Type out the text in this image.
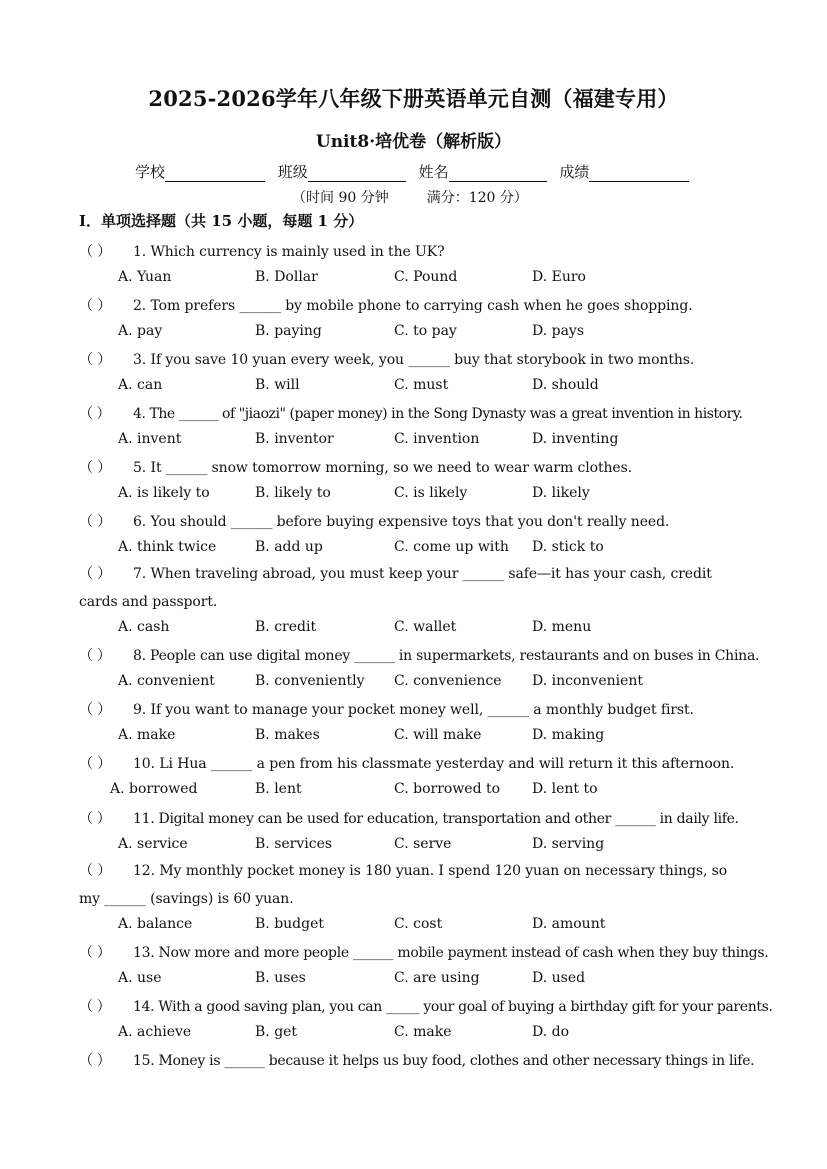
2025-2026学年八年级下册英语单元自测（福建专用）
Unit8·培优卷（解析版）
学校	班级	姓名	成绩
（时间 90 分钟	满分：120 分）
I．单项选择题（共 15 小题，每题 1 分）
（ ） 1. Which currency is mainly used in the UK?
A. Yuan	B. Dollar	C. Pound	D. Euro
（ ） 2. Tom prefers ______ by mobile phone to carrying cash when he goes shopping.
A. pay	B. paying	C. to pay	D. pays
（ ） 3. If you save 10 yuan every week, you ______ buy that storybook in two months.
A. can	B. will	C. must	D. should
（ ） 4. The ______ of "jiaozi" (paper money) in the Song Dynasty was a great invention in history.
A. invent	B. inventor	C. invention	D. inventing
（ ） 5. It ______ snow tomorrow morning, so we need to wear warm clothes.
A. is likely to	B. likely to	C. is likely	D. likely
（ ） 6. You should ______ before buying expensive toys that you don't really need.
A. think twice	B. add up	C. come up with D. stick to
（ ） 7. When traveling abroad, you must keep your ______ safe—it has your cash, credit cards and passport.
A. cash	B. credit	C. wallet	D. menu
（ ） 8. People can use digital money ______ in supermarkets, restaurants and on buses in China.
A. convenient	B. conveniently C. convenience D. inconvenient
（ ） 9. If you want to manage your pocket money well, ______ a monthly budget first.
A. make	B. makes	C. will make	D. making
（ ） 10. Li Hua ______ a pen from his classmate yesterday and will return it this afternoon.
A. borrowed	B. lent	C. borrowed to D. lent to
（ ） 11. Digital money can be used for education, transportation and other ______ in daily life.
A. service	B. services	C. serve	D. serving
（ ） 12. My monthly pocket money is 180 yuan. I spend 120 yuan on necessary things, so my ______ (savings) is 60 yuan.
A. balance	B. budget	C. cost	D. amount
（ ） 13. Now more and more people ______ mobile payment instead of cash when they buy things.
A. use	B. uses	C. are using	D. used
（ ） 14. With a good saving plan, you can _____ your goal of buying a birthday gift for your parents.
A. achieve	B. get	C. make	D. do
（ ） 15. Money is ______ because it helps us buy food, clothes and other necessary things in life.
